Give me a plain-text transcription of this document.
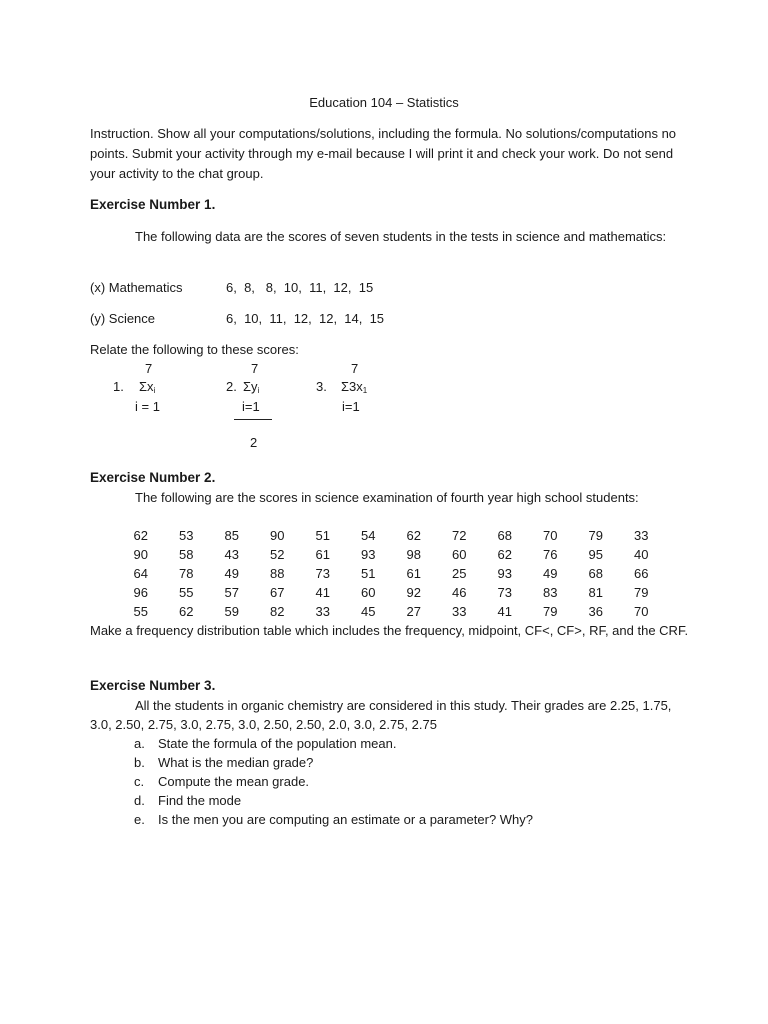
Education 104 – Statistics
Instruction. Show all your computations/solutions, including the formula. No solutions/computations no points. Submit your activity through my e-mail because I will print it and check your work. Do not send your activity to the chat group.
Exercise Number 1.
The following data are the scores of seven students in the tests in science and mathematics:
(x) Mathematics	6,  8,   8,  10,  11,  12,  15
(y) Science	6,  10,  11,  12,  12,  14,  15
Relate the following to these scores:
7
1. $\Sigma x_i$
i = 1
7
2. $\Sigma y_i$
i=1
2
7
3. $\Sigma 3x_1$
i=1
Exercise Number 2.
The following are the scores in science examination of fourth year high school students:
62	53	85	90	51	54	62	72	68	70	79	33
90	58	43	52	61	93	98	60	62	76	95	40
64	78	49	88	73	51	61	25	93	49	68	66
96	55	57	67	41	60	92	46	73	83	81	79
55	62	59	82	33	45	27	33	41	79	36	70
Make a frequency distribution table which includes the frequency, midpoint, CF<, CF>, RF, and the CRF.
Exercise Number 3.
All the students in organic chemistry are considered in this study. Their grades are 2.25, 1.75, 3.0, 2.50, 2.75, 3.0, 2.75, 3.0, 2.50, 2.50, 2.0, 3.0, 2.75, 2.75
a.	State the formula of the population mean.
b.	What is the median grade?
c.	Compute the mean grade.
d.	Find the mode
e.	Is the men you are computing an estimate or a parameter? Why?
